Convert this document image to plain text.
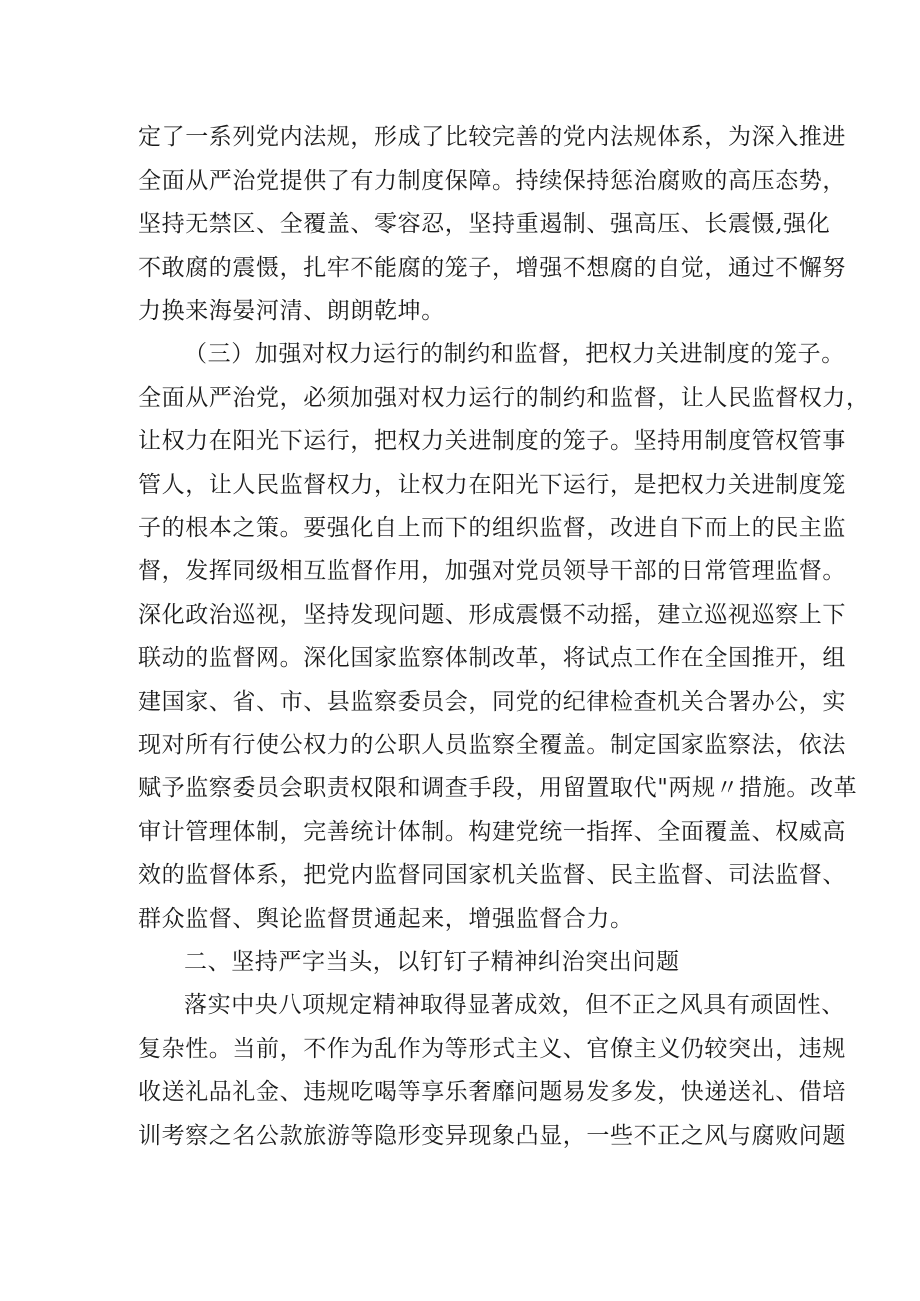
定了一系列党内法规，形成了比较完善的党内法规体系，为深入推进
全面从严治党提供了有力制度保障。持续保持惩治腐败的高压态势，
坚持无禁区、全覆盖、零容忍，坚持重遏制、强高压、长震慑,强化
不敢腐的震慑，扎牢不能腐的笼子，增强不想腐的自觉，通过不懈努
力换来海晏河清、朗朗乾坤。
（三）加强对权力运行的制约和监督，把权力关进制度的笼子。
全面从严治党，必须加强对权力运行的制约和监督，让人民监督权力，
让权力在阳光下运行，把权力关进制度的笼子。坚持用制度管权管事
管人，让人民监督权力，让权力在阳光下运行，是把权力关进制度笼
子的根本之策。要强化自上而下的组织监督，改进自下而上的民主监
督，发挥同级相互监督作用，加强对党员领导干部的日常管理监督。
深化政治巡视，坚持发现问题、形成震慑不动摇，建立巡视巡察上下
联动的监督网。深化国家监察体制改革，将试点工作在全国推开，组
建国家、省、市、县监察委员会，同党的纪律检查机关合署办公，实
现对所有行使公权力的公职人员监察全覆盖。制定国家监察法，依法
赋予监察委员会职责权限和调查手段，用留置取代"两规〃措施。改革
审计管理体制，完善统计体制。构建党统一指挥、全面覆盖、权威高
效的监督体系，把党内监督同国家机关监督、民主监督、司法监督、
群众监督、舆论监督贯通起来，增强监督合力。
二、坚持严字当头，以钉钉子精神纠治突出问题
落实中央八项规定精神取得显著成效，但不正之风具有顽固性、
复杂性。当前，不作为乱作为等形式主义、官僚主义仍较突出，违规
收送礼品礼金、违规吃喝等享乐奢靡问题易发多发，快递送礼、借培
训考察之名公款旅游等隐形变异现象凸显，一些不正之风与腐败问题
